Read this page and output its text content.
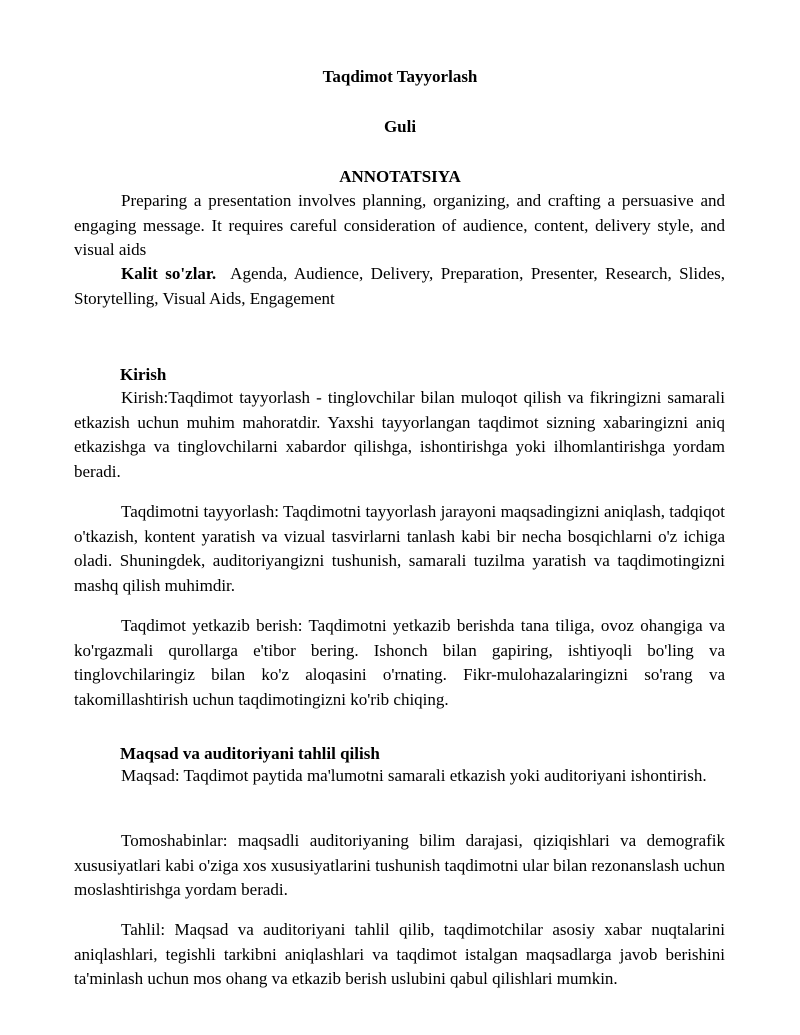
Taqdimot Tayyorlash
Guli
ANNOTATSIYA

Preparing a presentation involves planning, organizing, and crafting a persuasive and engaging message. It requires careful consideration of audience, content, delivery style, and visual aids

Kalit so'zlar. Agenda, Audience, Delivery, Preparation, Presenter, Research, Slides, Storytelling, Visual Aids, Engagement

Kirish

Kirish:Taqdimot tayyorlash - tinglovchilar bilan muloqot qilish va fikringizni samarali etkazish uchun muhim mahoratdir. Yaxshi tayyorlangan taqdimot sizning xabaringizni aniq etkazishga va tinglovchilarni xabardor qilishga, ishontirishga yoki ilhomlantirishga yordam beradi.

Taqdimotni tayyorlash: Taqdimotni tayyorlash jarayoni maqsadingizni aniqlash, tadqiqot o'tkazish, kontent yaratish va vizual tasvirlarni tanlash kabi bir necha bosqichlarni o'z ichiga oladi. Shuningdek, auditoriyangizni tushunish, samarali tuzilma yaratish va taqdimotingizni mashq qilish muhimdir.

Taqdimot yetkazib berish: Taqdimotni yetkazib berishda tana tiliga, ovoz ohangiga va ko'rgazmali qurollarga e'tibor bering. Ishonch bilan gapiring, ishtiyoqli bo'ling va tinglovchilaringiz bilan ko'z aloqasini o'rnating. Fikr-mulohazalaringizni so'rang va takomillashtirish uchun taqdimotingizni ko'rib chiqing.

Maqsad va auditoriyani tahlil qilish

Maqsad: Taqdimot paytida ma'lumotni samarali etkazish yoki auditoriyani ishontirish.

Tomoshabinlar: maqsadli auditoriyaning bilim darajasi, qiziqishlari va demografik xususiyatlari kabi o'ziga xos xususiyatlarini tushunish taqdimotni ular bilan rezonanslash uchun moslashtirishga yordam beradi.

Tahlil: Maqsad va auditoriyani tahlil qilib, taqdimotchilar asosiy xabar nuqtalarini aniqlashlari, tegishli tarkibni aniqlashlari va taqdimot istalgan maqsadlarga javob berishini ta'minlash uchun mos ohang va etkazib berish uslubini qabul qilishlari mumkin.
